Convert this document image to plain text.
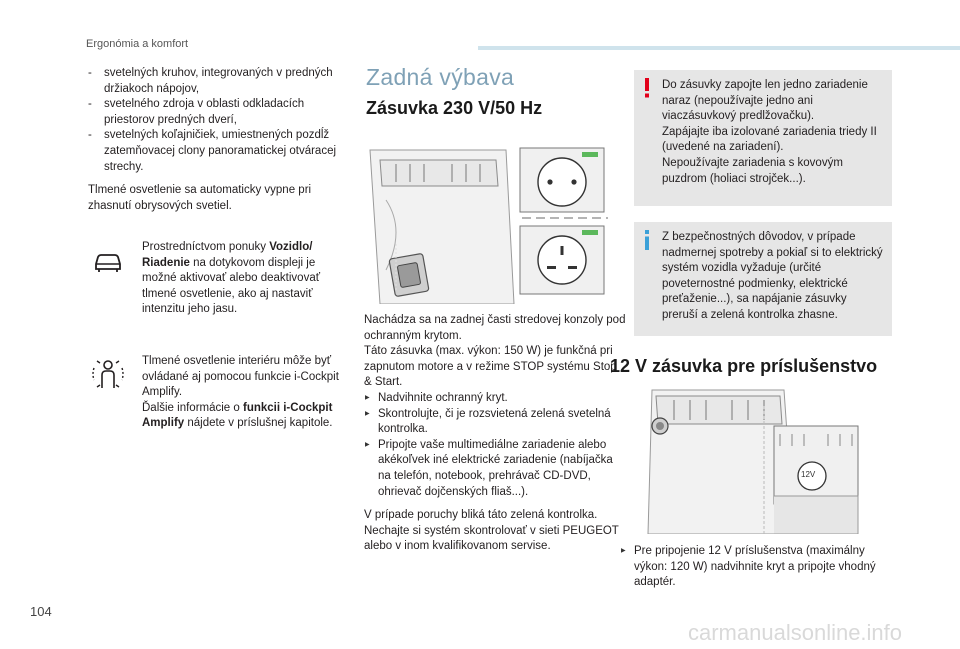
Ergonómia a komfort
- svetelných kruhov, integrovaných v predných držiakoch nápojov,
- svetelného zdroja v oblasti odkladacích priestorov predných dverí,
- svetelných koľajničiek, umiestnených pozdĺž zatemňovacej clony panoramatickej otváracej strechy.
Tlmené osvetlenie sa automaticky vypne pri zhasnutí obrysových svetiel.
Prostredníctvom ponuky Vozidlo/ Riadenie na dotykovom displeji je možné aktivovať alebo deaktivovať tlmené osvetlenie, ako aj nastaviť intenzitu jeho jasu.
Tlmené osvetlenie interiéru môže byť ovládané aj pomocou funkcie i-Cockpit Amplify.
Ďalšie informácie o funkcii i-Cockpit Amplify nájdete v príslušnej kapitole.
Zadná výbava
Zásuvka 230 V/50 Hz
Nachádza sa na zadnej časti stredovej konzoly pod ochranným krytom.
Táto zásuvka (max. výkon: 150 W) je funkčná pri zapnutom motore a v režime STOP systému Stop & Start.
▶ Nadvihnite ochranný kryt.
▶ Skontrolujte, či je rozsvietená zelená svetelná kontrolka.
▶ Pripojte vaše multimediálne zariadenie alebo akékoľvek iné elektrické zariadenie (nabíjačka na telefón, notebook, prehrávač CD-DVD, ohrievač dojčenských fliaš...).
V prípade poruchy bliká táto zelená kontrolka. Nechajte si systém skontrolovať v sieti PEUGEOT alebo v inom kvalifikovanom servise.
Do zásuvky zapojte len jedno zariadenie naraz (nepoužívajte jedno ani viaczásuvkový predlžovačku).
Zapájajte iba izolované zariadenia triedy II (uvedené na zariadení).
Nepoužívajte zariadenia s kovovým puzdrom (holiaci strojček...).
Z bezpečnostných dôvodov, v prípade nadmernej spotreby a pokiaľ si to elektrický systém vozidla vyžaduje (určité poveternostné podmienky, elektrické preťaženie...), sa napájanie zásuvky preruší a zelená kontrolka zhasne.
12 V zásuvka pre príslušenstvo
12V
▶ Pre pripojenie 12 V príslušenstva (maximálny výkon: 120 W) nadvihnite kryt a pripojte vhodný adaptér.
104
carmanualsonline.info
